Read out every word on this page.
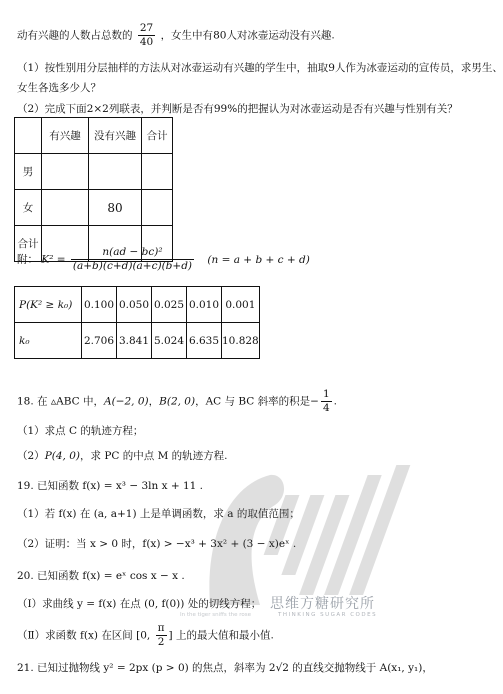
动有兴趣的人数占总数的 $\frac{27}{40}$ ，女生中有80人对冰壶运动没有兴趣.
（1）按性别用分层抽样的方法从对冰壶运动有兴趣的学生中，抽取9人作为冰壶运动的宣传员，求男生、
女生各选多少人？
（2）完成下面2×2列联表，并判断是否有99%的把握认为对冰壶运动是否有兴趣与性别有关？
	有兴趣	没有兴趣	合计
男			
女		80	
合计			
附： $K^2 = \frac{\text{n(ad − bc)²}}{(a+b)(c+d)(a+c)(b+d)} (n = a + b + c + d)$
P(K² ≥ k₀)	0.100	0.050	0.025	0.010	0.001
k₀	2.706	3.841	5.024	6.635	10.828
18. 在 ▵ABC 中，A(−2, 0)，B(2, 0)，AC 与 BC 斜率的积是− $\frac{1}{4}$ .
（1）求点 C 的轨迹方程；
（2）P(4, 0)，求 PC 的中点 M 的轨迹方程.
19. 已知函数 f(x) = x³ − 3ln x + 11 .
（1）若 f(x) 在 (a, a+1) 上是单调函数，求 a 的取值范围；
（2）证明：当 x > 0 时，f(x) > −x³ + 3x² + (3 − x)eˣ .
20. 已知函数 f(x) = eˣ cos x − x .
（Ⅰ）求曲线 y = f(x) 在点 (0, f(0)) 处的切线方程；
（Ⅱ）求函数 f(x) 在区间 [0, $\frac{\pi}{2}$ ] 上的最大值和最小值.
21. 已知过抛物线 y² = 2px (p > 0) 的焦点，斜率为 2√2 的直线交抛物线于 A(x₁, y₁)，
思维方糖研究所
THINKING SUGAR CODES
In the tiger sniffs the rose
